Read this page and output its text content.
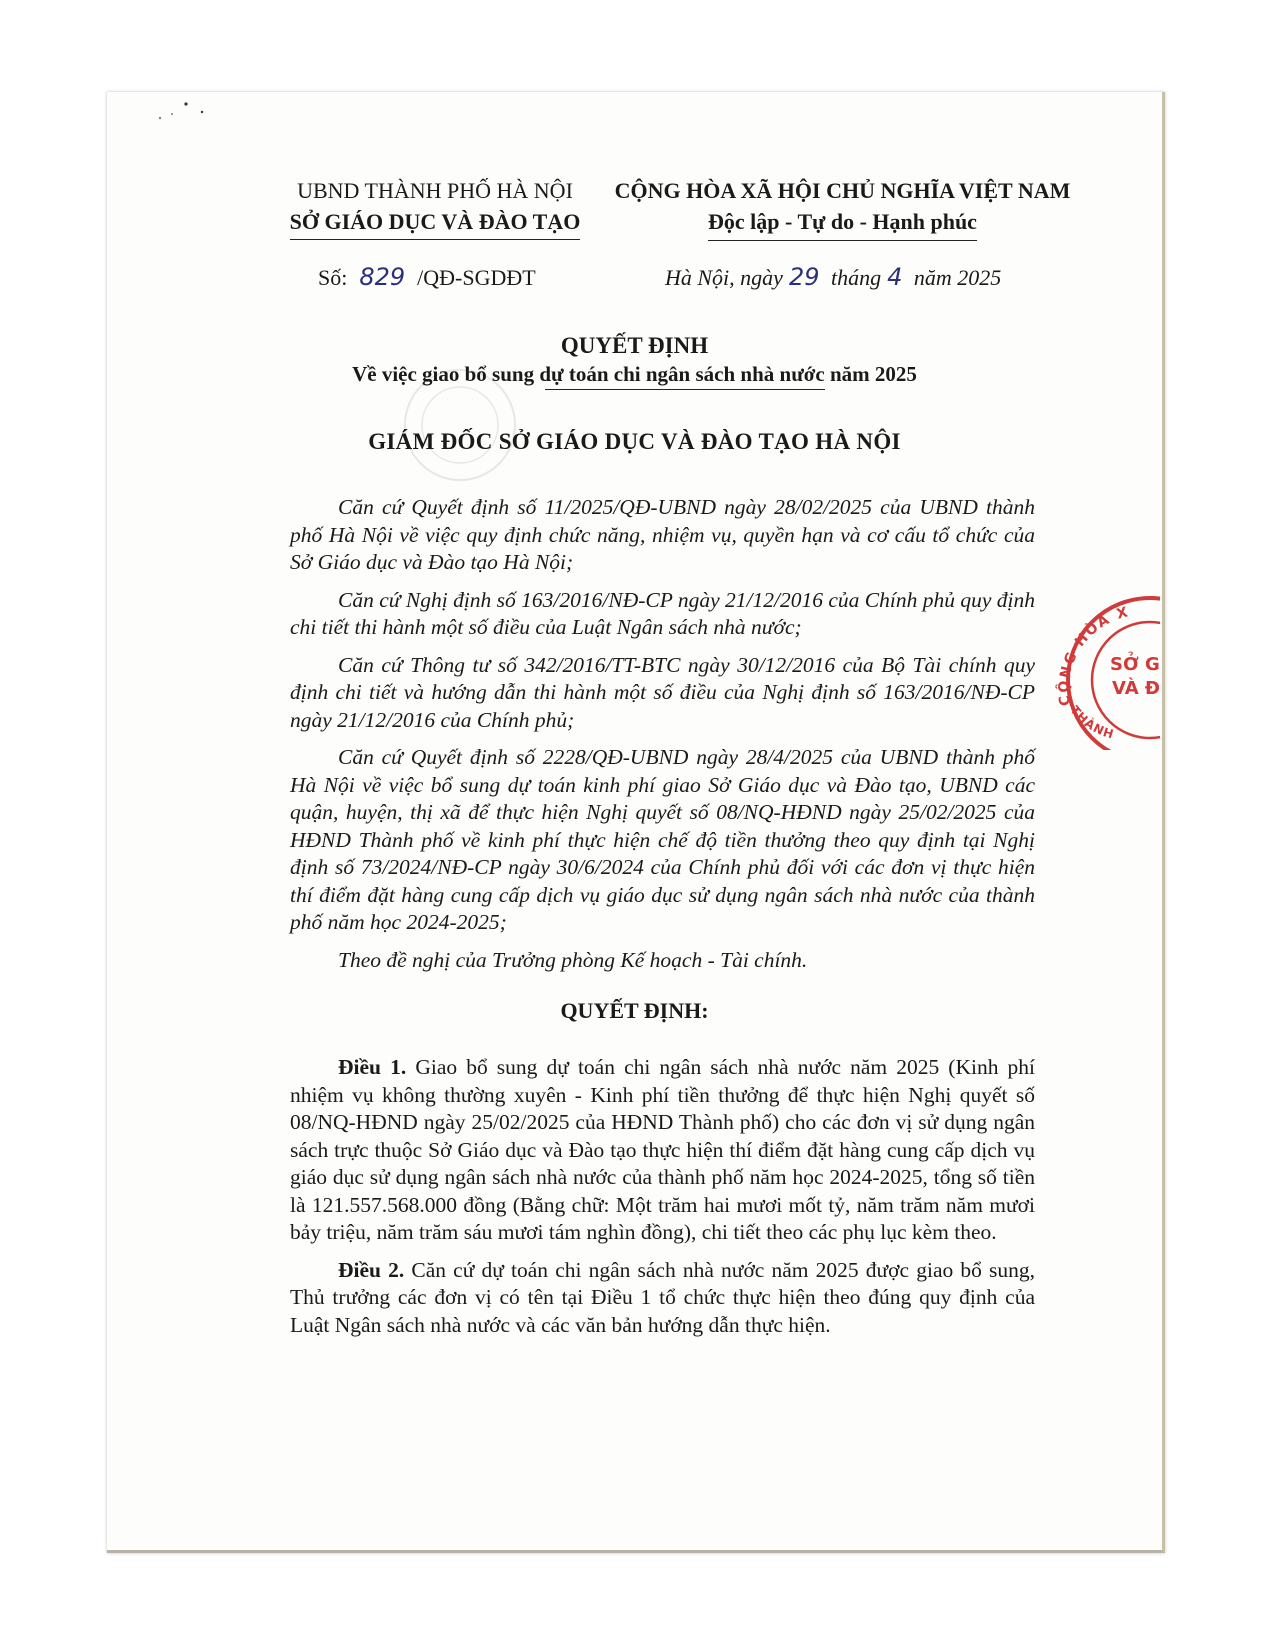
UBND THÀNH PHỐ HÀ NỘI
SỞ GIÁO DỤC VÀ ĐÀO TẠO
CỘNG HÒA XÃ HỘI CHỦ NGHĨA VIỆT NAM
Độc lập - Tự do - Hạnh phúc
Số: 829 /QĐ-SGDĐT	Hà Nội, ngày 29 tháng 4 năm 2025
QUYẾT ĐỊNH
Về việc giao bổ sung dự toán chi ngân sách nhà nước năm 2025
GIÁM ĐỐC SỞ GIÁO DỤC VÀ ĐÀO TẠO HÀ NỘI

Căn cứ Quyết định số 11/2025/QĐ-UBND ngày 28/02/2025 của UBND thành phố Hà Nội về việc quy định chức năng, nhiệm vụ, quyền hạn và cơ cấu tổ chức của Sở Giáo dục và Đào tạo Hà Nội;

Căn cứ Nghị định số 163/2016/NĐ-CP ngày 21/12/2016 của Chính phủ quy định chi tiết thi hành một số điều của Luật Ngân sách nhà nước;

Căn cứ Thông tư số 342/2016/TT-BTC ngày 30/12/2016 của Bộ Tài chính quy định chi tiết và hướng dẫn thi hành một số điều của Nghị định số 163/2016/NĐ-CP ngày 21/12/2016 của Chính phủ;

Căn cứ Quyết định số 2228/QĐ-UBND ngày 28/4/2025 của UBND thành phố Hà Nội về việc bổ sung dự toán kinh phí giao Sở Giáo dục và Đào tạo, UBND các quận, huyện, thị xã để thực hiện Nghị quyết số 08/NQ-HĐND ngày 25/02/2025 của HĐND Thành phố về kinh phí thực hiện chế độ tiền thưởng theo quy định tại Nghị định số 73/2024/NĐ-CP ngày 30/6/2024 của Chính phủ đối với các đơn vị thực hiện thí điểm đặt hàng cung cấp dịch vụ giáo dục sử dụng ngân sách nhà nước của thành phố năm học 2024-2025;

Theo đề nghị của Trưởng phòng Kế hoạch - Tài chính.

QUYẾT ĐỊNH:

Điều 1. Giao bổ sung dự toán chi ngân sách nhà nước năm 2025 (Kinh phí nhiệm vụ không thường xuyên - Kinh phí tiền thưởng để thực hiện Nghị quyết số 08/NQ-HĐND ngày 25/02/2025 của HĐND Thành phố) cho các đơn vị sử dụng ngân sách trực thuộc Sở Giáo dục và Đào tạo thực hiện thí điểm đặt hàng cung cấp dịch vụ giáo dục sử dụng ngân sách nhà nước của thành phố năm học 2024-2025, tổng số tiền là 121.557.568.000 đồng (Bằng chữ: Một trăm hai mươi mốt tỷ, năm trăm năm mươi bảy triệu, năm trăm sáu mươi tám nghìn đồng), chi tiết theo các phụ lục kèm theo.

Điều 2. Căn cứ dự toán chi ngân sách nhà nước năm 2025 được giao bổ sung, Thủ trưởng các đơn vị có tên tại Điều 1 tổ chức thực hiện theo đúng quy định của Luật Ngân sách nhà nước và các văn bản hướng dẫn thực hiện.

CỘNG HÒA X
SỞ G
VÀ Đ
THÀNH
